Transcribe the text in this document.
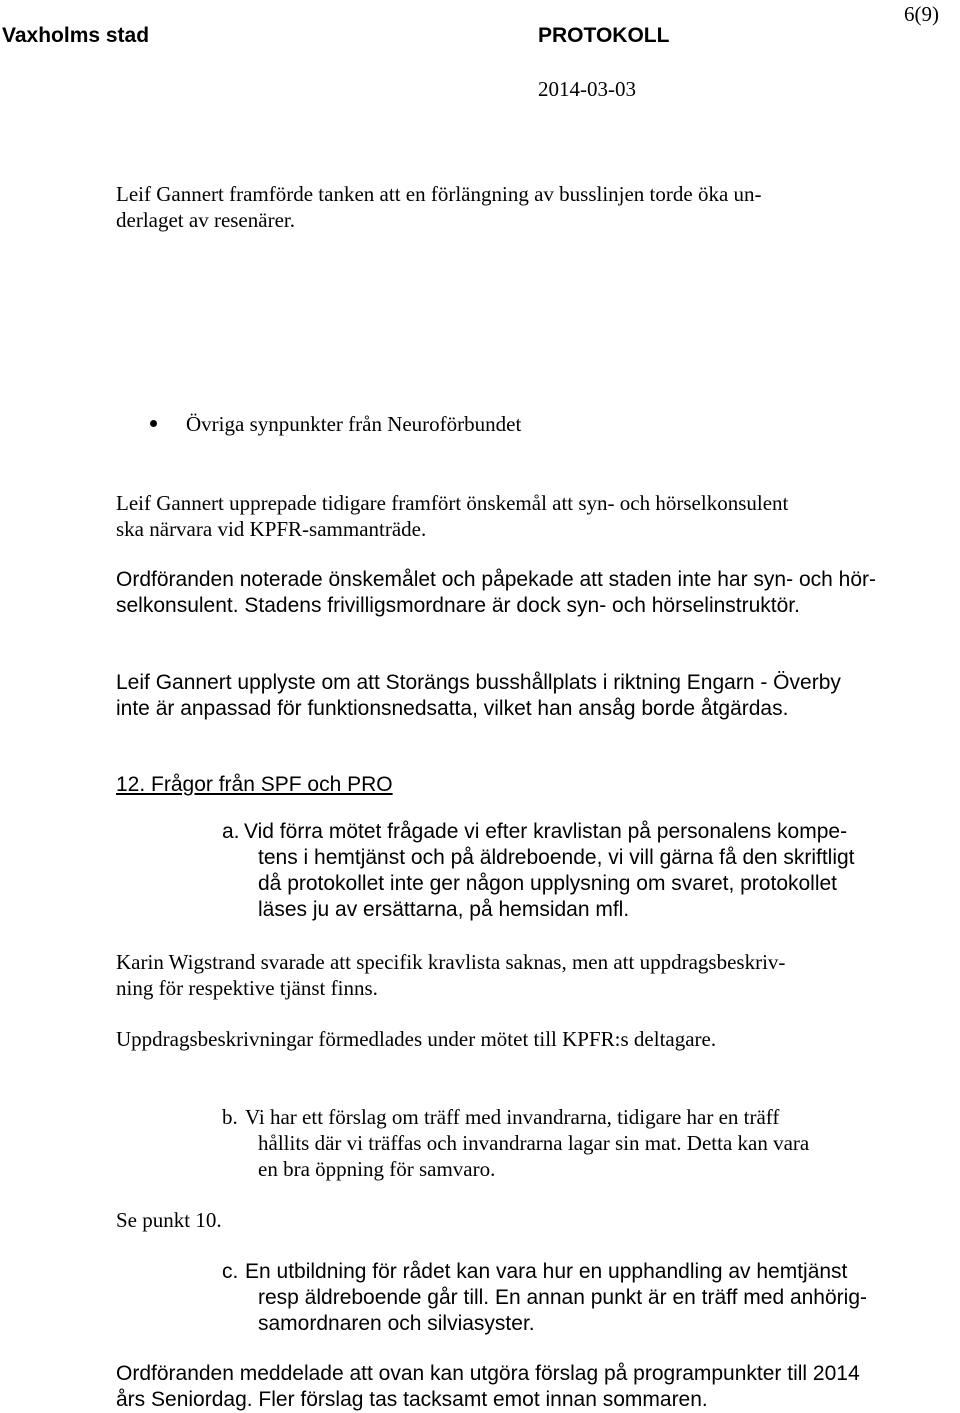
Vaxholms stad	PROTOKOLL
6(9)
2014-03-03
Leif Gannert framförde tanken att en förlängning av busslinjen torde öka un-
derlaget av resenärer.
Övriga synpunkter från Neuroförbundet
Leif Gannert upprepade tidigare framfört önskemål att syn- och hörselkonsulent
ska närvara vid KPFR-sammanträde.
Ordföranden noterade önskemålet och påpekade att staden inte har syn- och hör-
selkonsulent. Stadens frivilligsmordnare är dock syn- och hörselinstruktör.
Leif Gannert upplyste om att Storängs busshållplats i riktning Engarn - Överby
inte är anpassad för funktionsnedsatta, vilket han ansåg borde åtgärdas.
12. Frågor från SPF och PRO
a. Vid förra mötet frågade vi efter kravlistan på personalens kompe-
tens i hemtjänst och på äldreboende, vi vill gärna få den skriftligt
då protokollet inte ger någon upplysning om svaret, protokollet
läses ju av ersättarna, på hemsidan mfl.
Karin Wigstrand svarade att specifik kravlista saknas, men att uppdragsbeskriv-
ning för respektive tjänst finns.
Uppdragsbeskrivningar förmedlades under mötet till KPFR:s deltagare.
b. Vi har ett förslag om träff med invandrarna, tidigare har en träff
hållits där vi träffas och invandrarna lagar sin mat. Detta kan vara
en bra öppning för samvaro.
Se punkt 10.
c. En utbildning för rådet kan vara hur en upphandling av hemtjänst
resp äldreboende går till. En annan punkt är en träff med anhörig-
samordnaren och silviasyster.
Ordföranden meddelade att ovan kan utgöra förslag på programpunkter till 2014
års Seniordag. Fler förslag tas tacksamt emot innan sommaren.
